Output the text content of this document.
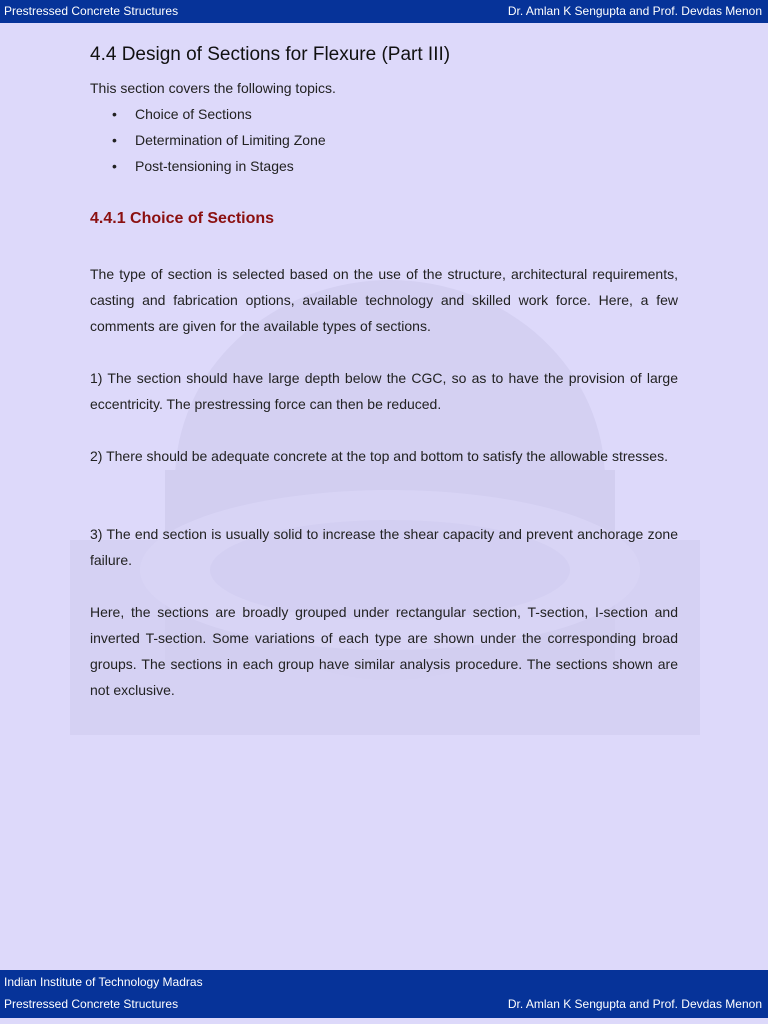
Prestressed Concrete Structures	Dr. Amlan K Sengupta and Prof. Devdas Menon
4.4 Design of Sections for Flexure (Part III)
This section covers the following topics.
• Choice of Sections
• Determination of Limiting Zone
• Post-tensioning in Stages
4.4.1 Choice of Sections

The type of section is selected based on the use of the structure, architectural requirements, casting and fabrication options, available technology and skilled work force. Here, a few comments are given for the available types of sections.

1) The section should have large depth below the CGC, so as to have the provision of large eccentricity. The prestressing force can then be reduced.

2) There should be adequate concrete at the top and bottom to satisfy the allowable stresses.

3) The end section is usually solid to increase the shear capacity and prevent anchorage zone failure.

Here, the sections are broadly grouped under rectangular section, T-section, I-section and inverted T-section. Some variations of each type are shown under the corresponding broad groups. The sections in each group have similar analysis procedure. The sections shown are not exclusive.

Indian Institute of Technology Madras
Prestressed Concrete Structures	Dr. Amlan K Sengupta and Prof. Devdas Menon
